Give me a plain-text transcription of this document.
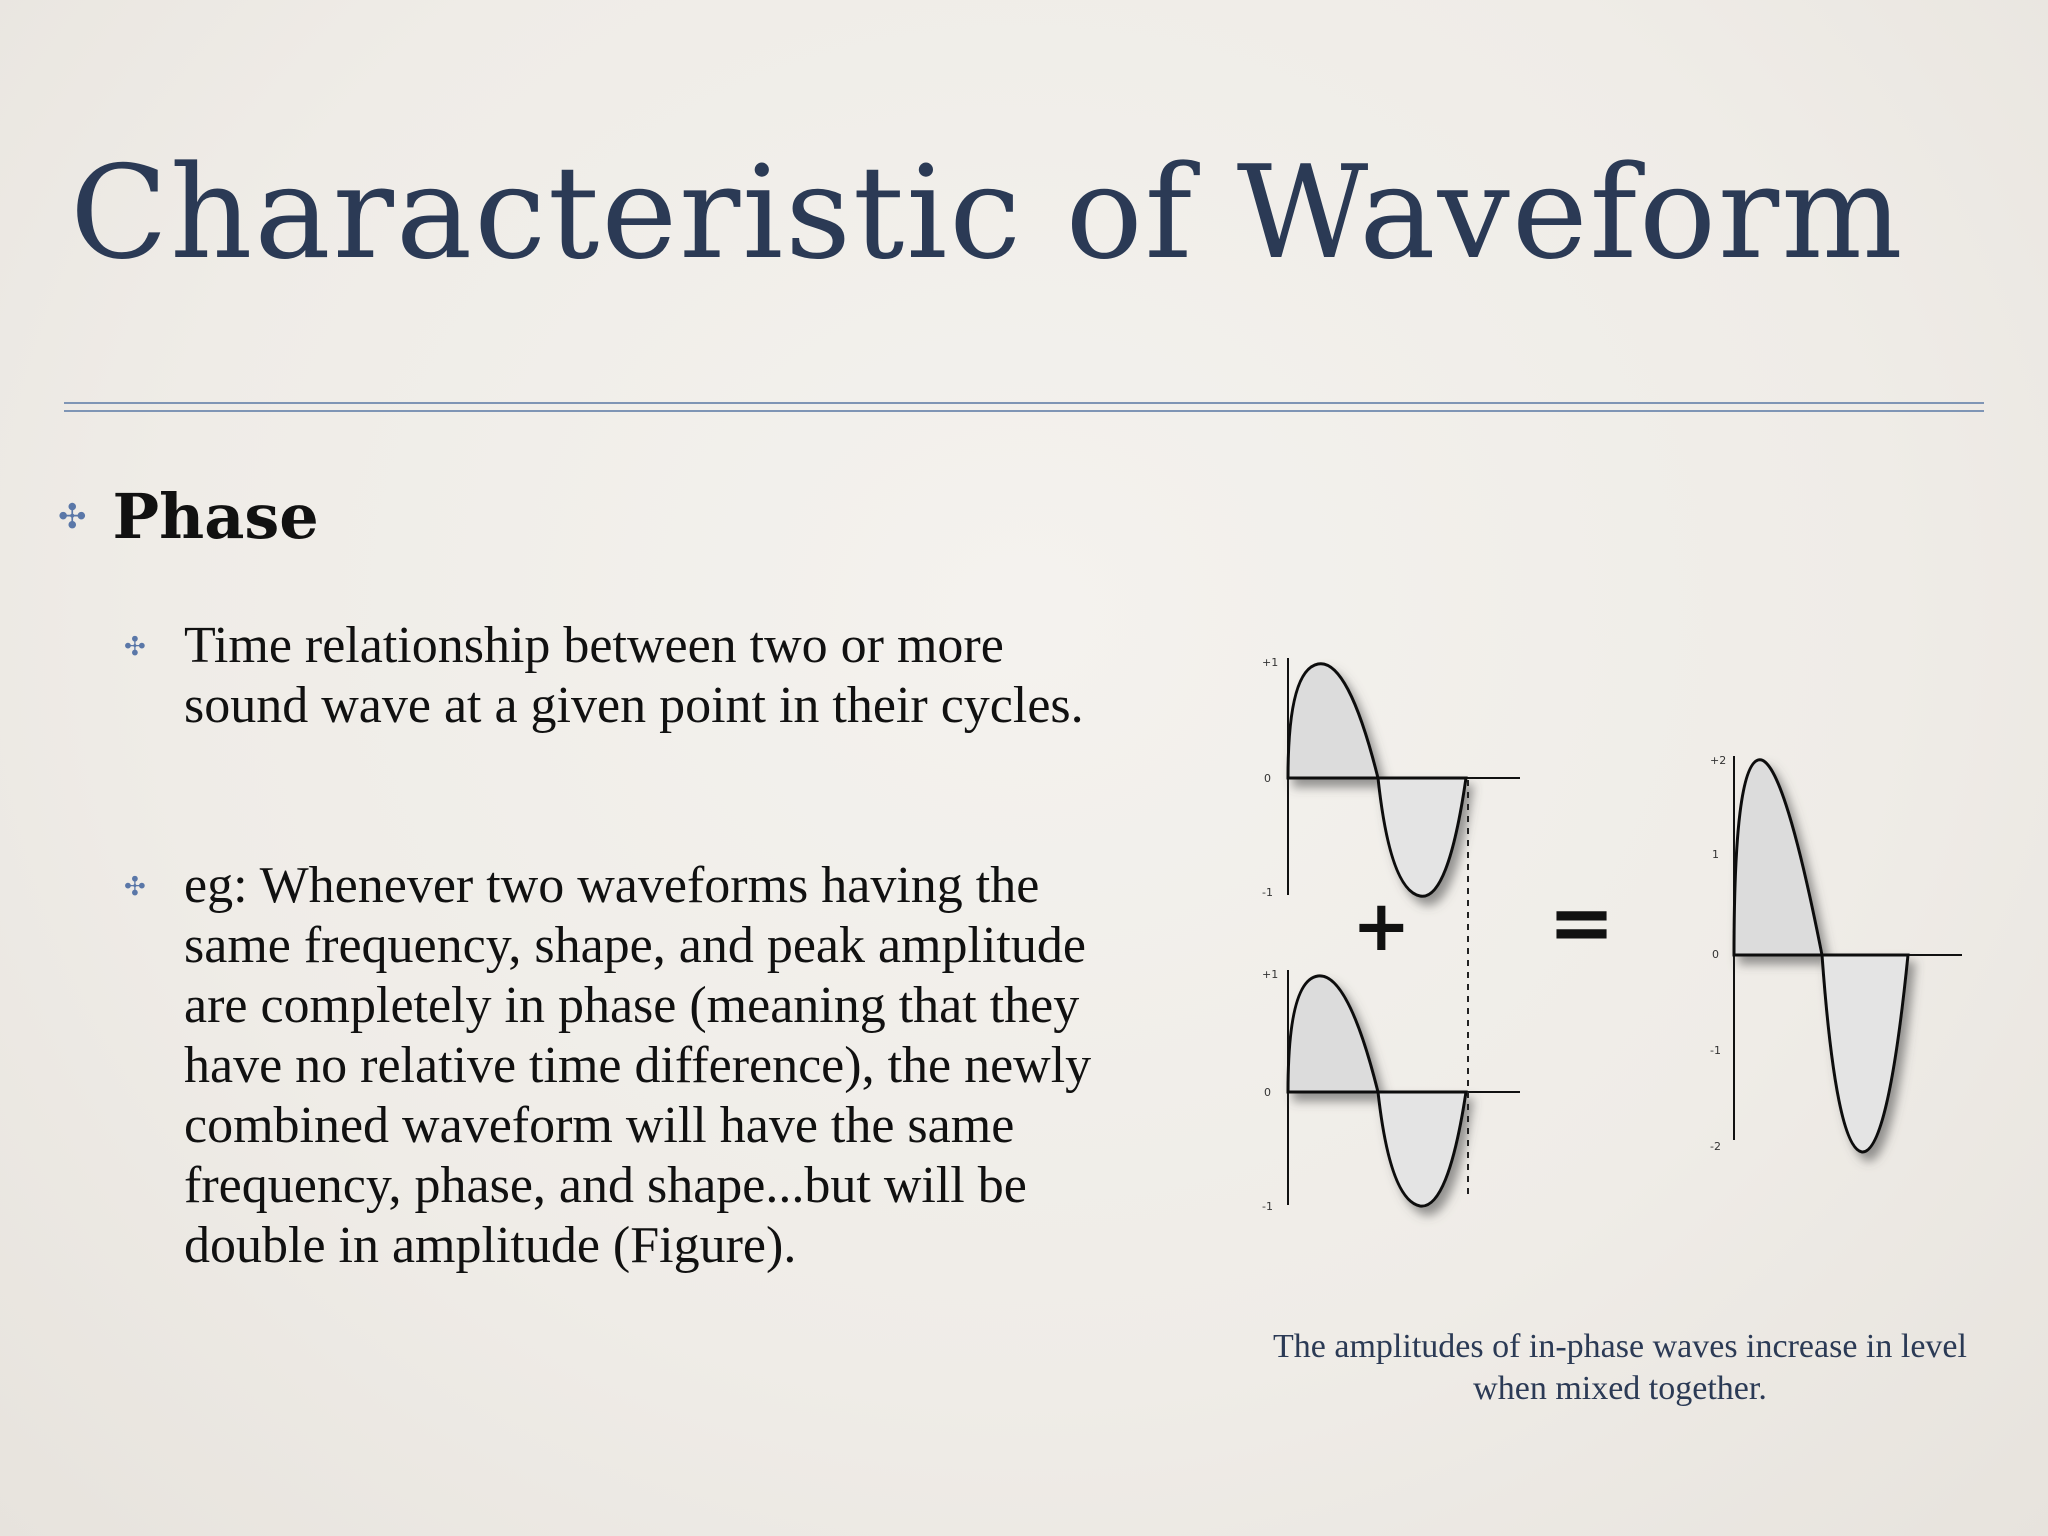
Characteristic of Waveform
✣ Phase
✣ Time relationship between two or more sound wave at a given point in their cycles.
✣ eg: Whenever two waveforms having the same frequency, shape, and peak amplitude are completely in phase (meaning that they have no relative time difference), the newly combined waveform will have the same frequency, phase, and shape...but will be double in amplitude (Figure).
+1
0
-1
+1
0
-1
+ =
+2
1
0
-1
-2
The amplitudes of in-phase waves increase in level when mixed together.
